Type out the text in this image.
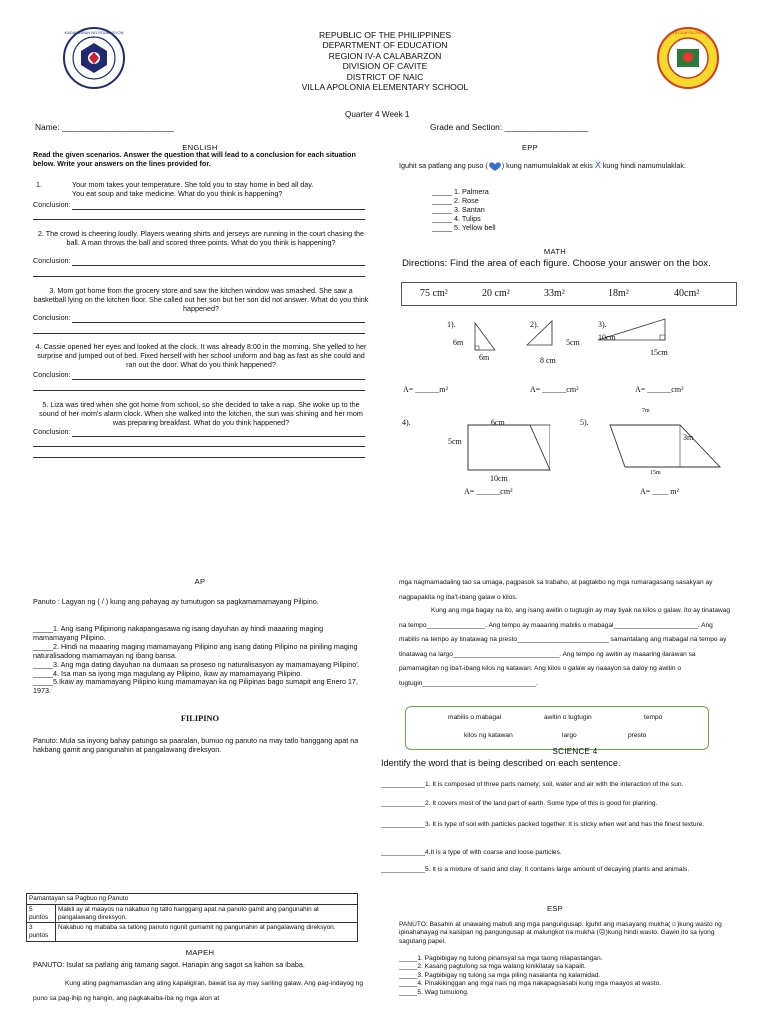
KAGAWARAN NG EDUKASYON	VILLA APOLONIA
REPUBLIC OF THE PHILIPPINES
DEPARTMENT OF EDUCATION
REGION IV-A CALABARZON
DIVISION OF CAVITE
DISTRICT OF NAIC
VILLA APOLONIA ELEMENTARY SCHOOL
Quarter 4 Week 1
Name: ________________________	Grade and Section: __________________
ENGLISH
Read the given scenarios. Answer the question that will lead to a conclusion for each situation below. Write your answers on the lines provided for.
1.	Your mom takes your temperature. She told you to stay home in bed all day. You eat soup and take medicine. What do you think is happening?
Conclusion:
2. The crowd is cheering loudly. Players wearing shirts and jerseys are running in the court chasing the ball. A man throws the ball and scored three points. What do you think is happening?
Conclusion:
3. Mom got home from the grocery store and saw the kitchen window was smashed. She saw a basketball lying on the kitchen floor. She called out her son but her son did not answer. What do you think happened?
Conclusion:
4. Cassie opened her eyes and looked at the clock. It was already 8:00 in the morning. She yelled to her surprise and jumped out of bed. Fixed herself with her school uniform and bag as fast as she could and ran out the door. What do you think happened?
Conclusion:
5. Liza was tired when she got home from school, so she decided to take a nap. She woke up to the sound of her mom's alarm clock. When she walked into the kitchen, the sun was shining and her mom was preparing breakfast. What do you think happened?
Conclusion:
EPP
Iguhit sa patlang ang puso ( ) kung namumulaklak at ekis X kung hindi namumulaklak.
_____ 1. Palmera
_____ 2. Rose
_____ 3. Santan
_____ 4. Tulips
_____ 5. Yellow bell
MATH
Directions: Find the area of each figure. Choose your answer on the box.
75 cm²	20 cm²	33m²	18m²	40cm²
1).
6m
6m
2).
5cm
8 cm
3).
10cm
15cm
A= ______m²	A= ______cm²	A= ______cm²
4).	6cm
5cm
10cm
A= ______cm²
5).
7m
3m
15m
A= ____ m²
AP
Panuto : Lagyan ng ( / ) kung ang pahayag ay tumutugon sa pagkamamamayang Pilipino.
_____1. Ang isang Pilipinong nakapangasawa ng isang dayuhan ay hindi maaaring maging mamamayang Pilipino.
_____2. Hindi na maaaring maging mamamayang Pilipino ang isang dating Pilipino na piniling maging naturalisadong mamamayan ng ibang bansa.
_____3. Ang mga dating dayuhan na dumaan sa proseso ng naturalisasyon ay mamamayang Pilipino'.
_____4. Isa man sa iyong mga magulang ay Pilipino, ikaw ay mamamayang Pilipino.
_____5.Ikaw ay mamamayang Pilipino kung mamamayan ka ng Pilipinas bago sumapit ang Enero 17, 1973.
FILIPINO
Panuto: Mula sa inyong bahay patungo sa paaralan, bumuo ng panuto na may tatlo hanggang apat na hakbang gamit ang pangunahin at pangalawang direksyon.
Pamantayan sa Pagbuo ng Panuto	
5 puntos	Maikli ay at maayos na nakabuo ng tatlo hanggang apat na panuto gamit ang pangunahin at pangalawang direksyon.
3 puntos	Nakabuo ng mababa sa tatlong panuto ngunit gumamit ng pangunahin at pangalawang direksyon.
MAPEH
PANUTO: Isulat sa patlang ang tamang sagot. Hanapin ang sagot sa kahon sa ibaba.
Kung ating pagmamasdan ang ating kapaligiran, bawat isa ay may sariling galaw. Ang pag-indayog ng puno sa pag-ihip ng hangin, ang pagkakaiba-iba ng mga alon at
mga nagmamadaling tao sa umaga, pagpasok sa trabaho, at pagtakbo ng mga rumaragasang sasakyan ay nagpapakita ng iba't-ibang galaw o kilos.
Kung ang mga bagay na ito, ang isang awitin o tugtugin ay may tiyak na kilos o galaw. Ito ay tinatawag na tempo________________. Ang tempo ay maaaring mabilis o mabagal_______________________. Ang mabilis na tempo ay tinatawag na presto_________________________ samantalang ang mabagal na tempo ay tinatawag na largo_____________________________. Ang tempo ng awitin ay maaaring ilarawan sa pamamagitan ng iba't-ibang kilos ng katawan. Ang kilos o galaw ay naaayon sa daloy ng awitin o tugtugin_______________________________.
mabilis o mabagal	awitin o tugtugin	tempo
kilos ng katawan	largo	presto
SCIENCE 4
Identify the word that is being described on each sentence.
____________1. It is composed of three parts namely; soil, water and air with the interaction of the sun.
____________2. It covers most of the land part of earth. Some type of this is good for planting.
____________3. It is type of soil with particles packed together. It is sticky when wet and has the finest texture.
____________4.It is a type of with coarse and loose particles.
____________5. It is a mixture of sand and clay. It contains large amount of decaying plants and animals.
ESP
PANUTO: Basahin at unawaing mabuti ang mga pangungusap. Iguhit ang masayang mukha(☺)kung wasto ng ipinahahayag na kaisipan ng pangungusap at malungkot na mukha (☹)kung hindi wasto. Gawin ito sa iyong sagutang papel.
_____1. Pagbibigay ng tulong pinansyal sa mga taong nilapastangan.
_____2. Kasang pagtulong sa mga walang kinikilatay sa kapalit.
_____3. Pagbibigay ng tulong sa mga piling nasalanta ng kalamidad.
_____4. Pinakikinggan ang mga nais ng mga nakapagsasabi kung mga maayos at wasto.
_____5. Wag tumulong.
